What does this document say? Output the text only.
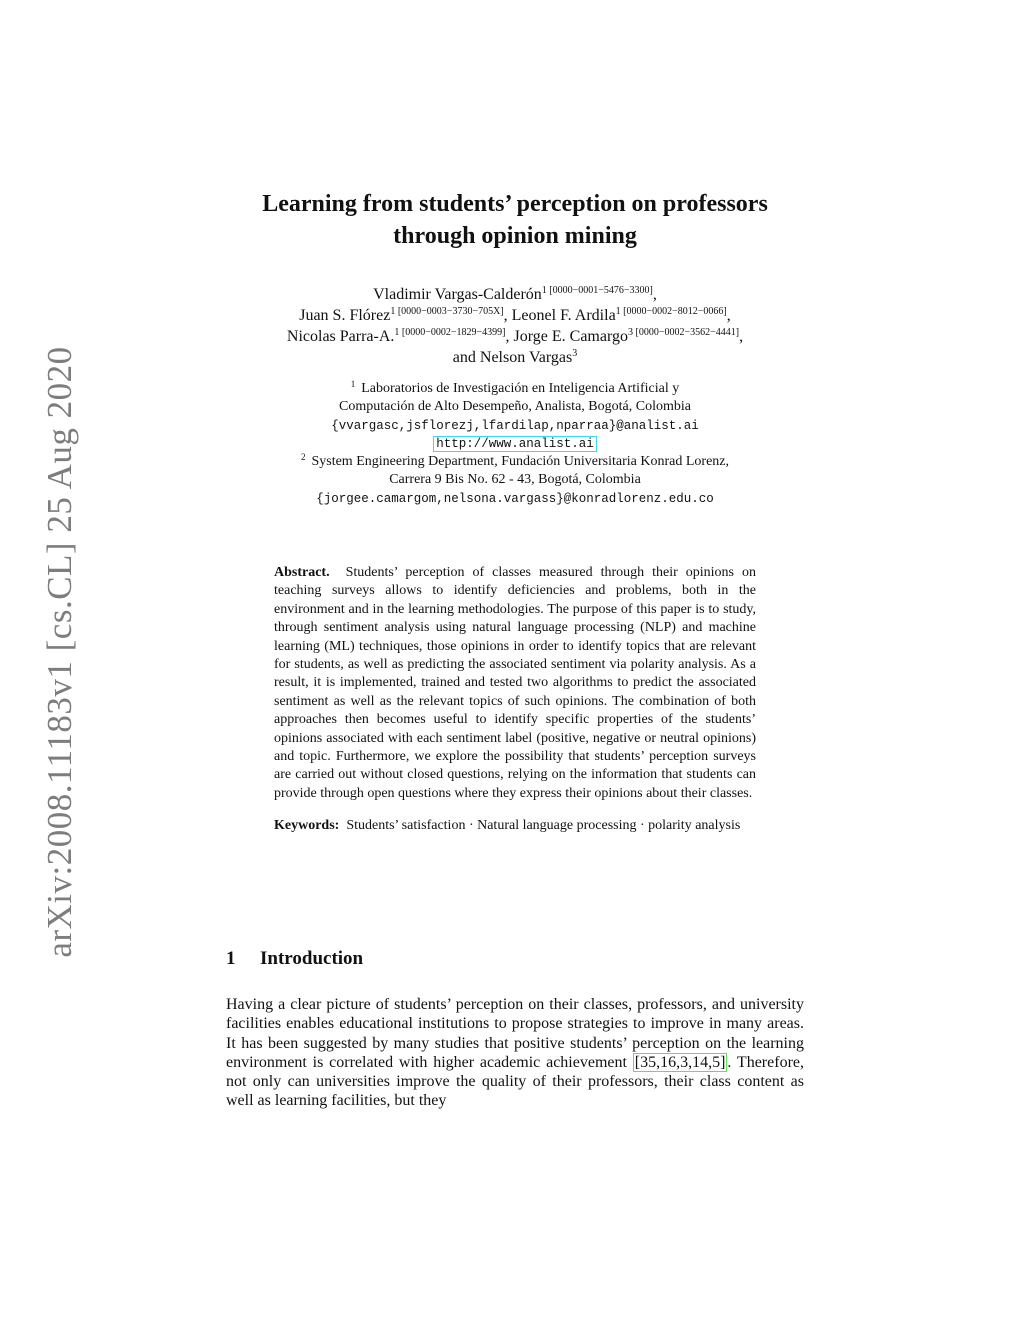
arXiv:2008.11183v1 [cs.CL] 25 Aug 2020
Learning from students’ perception on professors
through opinion mining
Vladimir Vargas-Calderón$^{1 [0000-0001-5476-3300]}$,
Juan S. Flórez$^{1 [0000-0003-3730-705X]}$, Leonel F. Ardila$^{1 [0000-0002-8012-0066]}$,
Nicolas Parra-A.$^{1 [0000-0002-1829-4399]}$, Jorge E. Camargo$^{3 [0000-0002-3562-4441]}$,
and Nelson Vargas$^3$
$^1$ Laboratorios de Investigación en Inteligencia Artificial y
Computación de Alto Desempeño, Analista, Bogotá, Colombia
{vvargasc,jsflorezj,lfardilap,nparraa}@analist.ai
http://www.analist.ai
$^2$ System Engineering Department, Fundación Universitaria Konrad Lorenz,
Carrera 9 Bis No. 62 - 43, Bogotá, Colombia
{jorgee.camargom,nelsona.vargass}@konradlorenz.edu.co

Abstract. Students’ perception of classes measured through their opinions on teaching surveys allows to identify deficiencies and problems, both in the environment and in the learning methodologies. The purpose of this paper is to study, through sentiment analysis using natural language processing (NLP) and machine learning (ML) techniques, those opinions in order to identify topics that are relevant for students, as well as predicting the associated sentiment via polarity analysis. As a result, it is implemented, trained and tested two algorithms to predict the associated sentiment as well as the relevant topics of such opinions. The combination of both approaches then becomes useful to identify specific properties of the students’ opinions associated with each sentiment label (positive, negative or neutral opinions) and topic. Furthermore, we explore the possibility that students’ perception surveys are carried out without closed questions, relying on the information that students can provide through open questions where they express their opinions about their classes.

Keywords: Students’ satisfaction · Natural language processing · polarity analysis

1 Introduction

Having a clear picture of students’ perception on their classes, professors, and university facilities enables educational institutions to propose strategies to improve in many areas. It has been suggested by many studies that positive students’ perception on the learning environment is correlated with higher academic achievement [35,16,3,14,5] . Therefore, not only can universities improve the quality of their professors, their class content as well as learning facilities, but they
